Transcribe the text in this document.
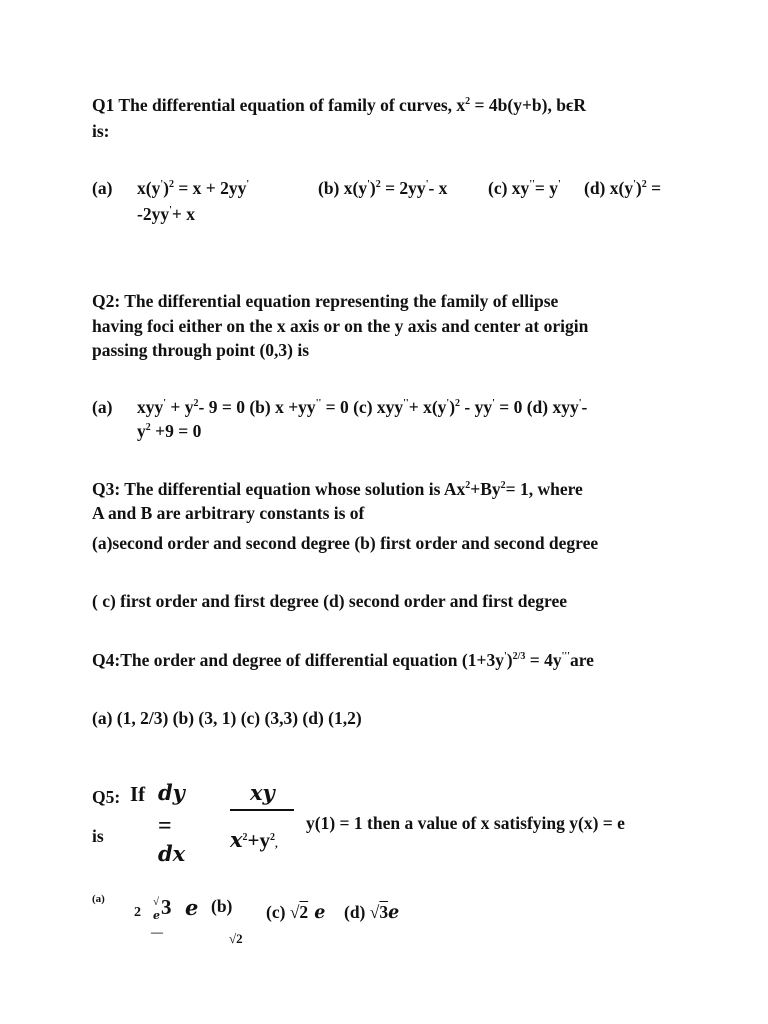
Q1 The differential equation of family of curves, $x^2 = 4b(y+b)$, bϵR
is:
(a) $x(y')^2 = x + 2yy'$	(b) $x(y')^2 = 2yy'-$ x (c) xy''= y' (d) $x(y')^2$ =
-2yy'+ x
Q2: The differential equation representing the family of ellipse
having foci either on the x axis or on the y axis and center at origin
passing through point (0,3) is
(a) $xyy' + y^2-$ 9 = 0 (b) x +yy'' = 0 (c) $xyy''+ x(y')^2 - yy' = 0$ (d) xyy'-
$y^2 +9 = 0$
Q3: The differential equation whose solution is $Ax^2+By^2= 1$, where
A and B are arbitrary constants is of
(a)second order and second degree (b) first order and second degree
( c) first order and first degree (d) second order and first degree
Q4:The order and degree of differential equation $(1+3y')^{2/3} = 4y'''are$
(a) (1, 2/3) (b) (3, 1) (c) (3,3) (d) (1,2)
Q5: If dy
=
dx
xy
$x^2+y^2$,
y(1) = 1 then a value of x satisfying y(x) = e
is
(a)
2
√ 3 e
e
—
(b)
√2
(c) √2 e (d) √3e
